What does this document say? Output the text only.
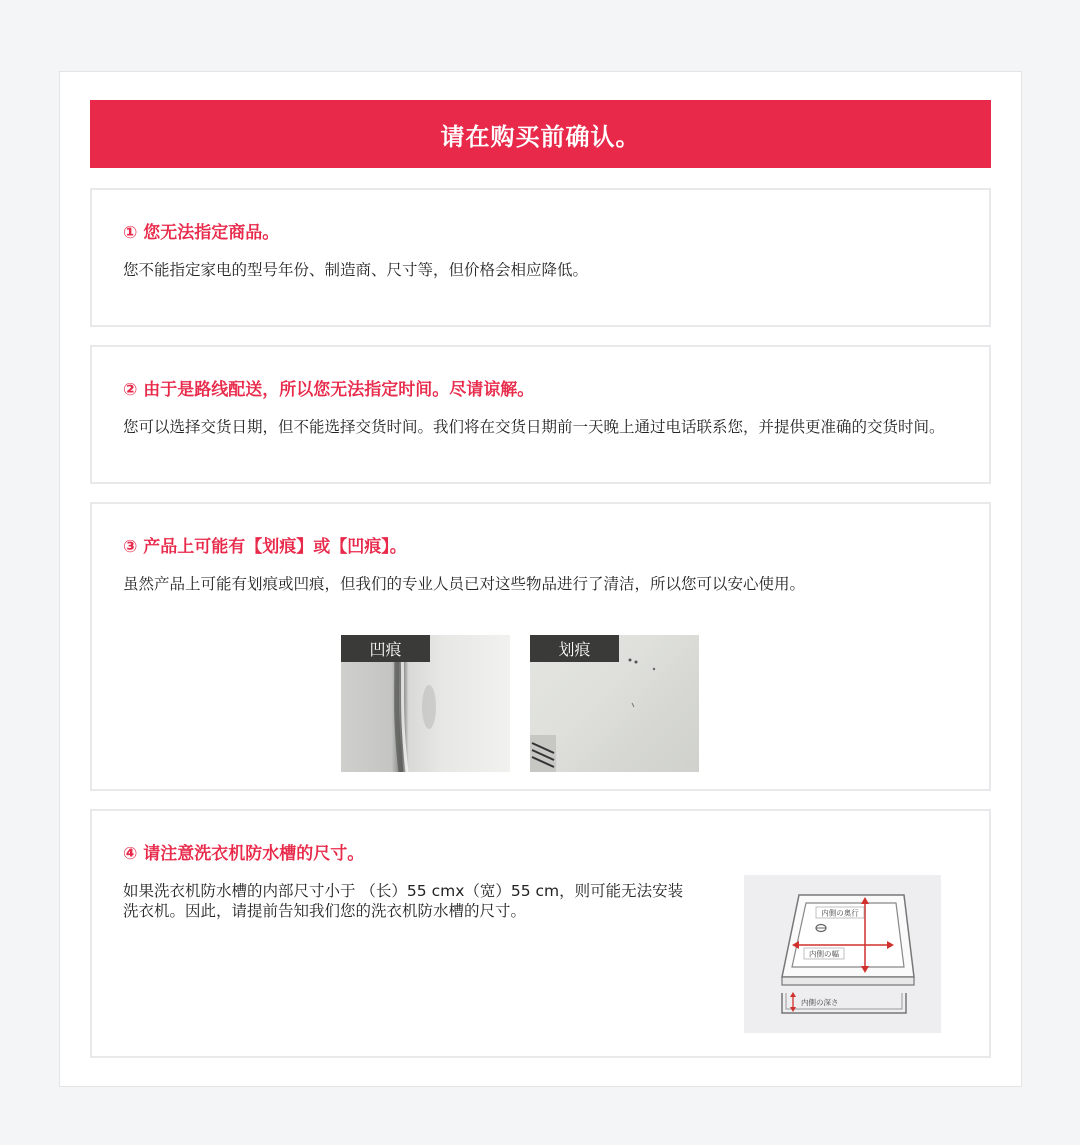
请在购买前确认。
① 您无法指定商品。
您不能指定家电的型号年份、制造商、尺寸等，但价格会相应降低。
② 由于是路线配送，所以您无法指定时间。尽请谅解。
您可以选择交货日期，但不能选择交货时间。我们将在交货日期前一天晚上通过电话联系您，并提供更准确的交货时间。
③ 产品上可能有【划痕】或【凹痕】。
虽然产品上可能有划痕或凹痕，但我们的专业人员已对这些物品进行了清洁，所以您可以安心使用。
凹痕	划痕
④ 请注意洗衣机防水槽的尺寸。
如果洗衣机防水槽的内部尺寸小于 （长）55 cmx（宽）55 cm，则可能无法安装洗衣机。因此，请提前告知我们您的洗衣机防水槽的尺寸。	内側の奥行
内側の幅
内側の深さ
